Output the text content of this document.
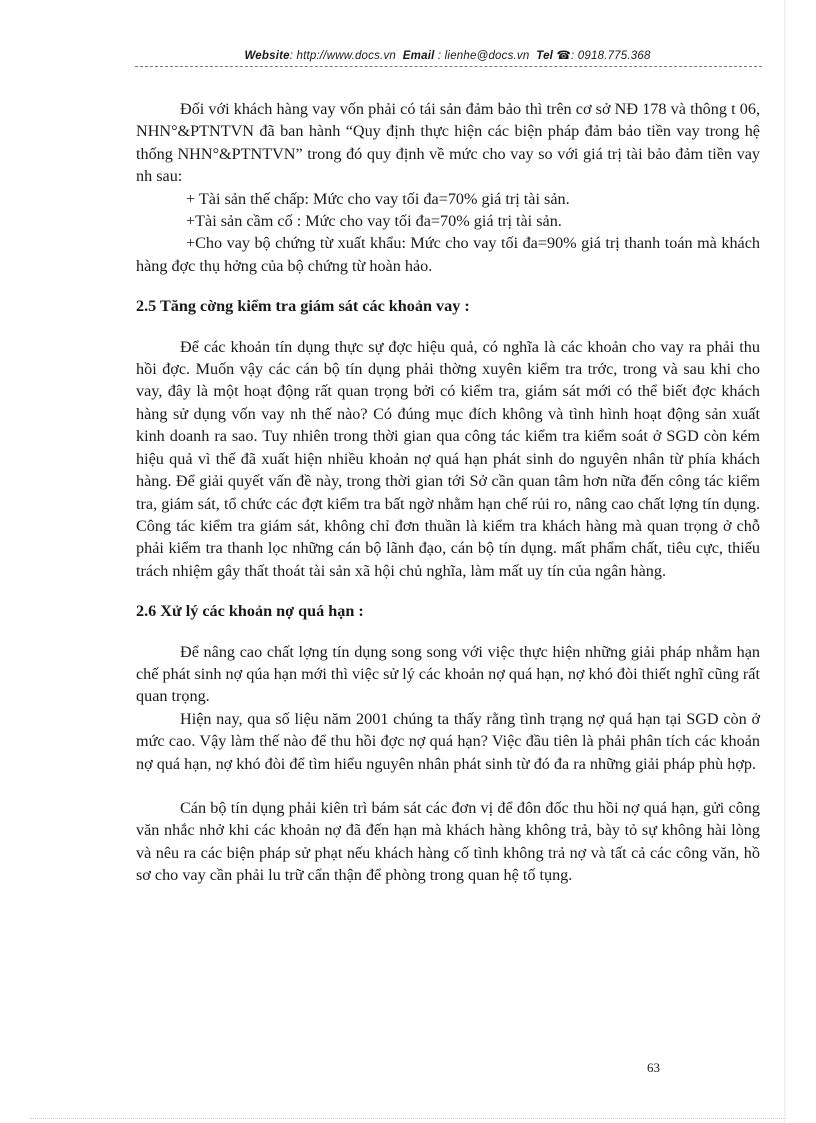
Website: http://www.docs.vn Email : lienhe@docs.vn Tel ☎: 0918.775.368

Đối với khách hàng vay vốn phải có tái sản đảm bảo thì trên cơ sở NĐ 178 và thông t 06, NHN°&PTNTVN đã ban hành “Quy định thực hiện các biện pháp đảm bảo tiền vay trong hệ thống NHN°&PTNTVN” trong đó quy định về mức cho vay so với giá trị tài bảo đảm tiền vay nh sau:

+ Tài sản thế chấp: Mức cho vay tối đa=70% giá trị tài sản.

+Tài sản cầm cố : Mức cho vay tối đa=70% giá trị tài sản.

+Cho vay bộ chứng từ xuất khẩu: Mức cho vay tối đa=90% giá trị thanh toán mà khách hàng đợc thụ hởng của bộ chứng từ hoàn hảo.

2.5 Tăng cờng kiểm tra giám sát các khoản vay :

Để các khoản tín dụng thực sự đợc hiệu quả, có nghĩa là các khoản cho vay ra phải thu hồi đợc. Muốn vậy các cán bộ tín dụng phải thờng xuyên kiểm tra trớc, trong và sau khi cho vay, đây là một hoạt động rất quan trọng bởi có kiểm tra, giám sát mới có thể biết đợc khách hàng sử dụng vốn vay nh thế nào? Có đúng mục đích không và tình hình hoạt động sản xuất kinh doanh ra sao. Tuy nhiên trong thời gian qua công tác kiểm tra kiểm soát ở SGD còn kém hiệu quả vì thế đã xuất hiện nhiều khoản nợ quá hạn phát sinh do nguyên nhân từ phía khách hàng. Để giải quyết vấn đề này, trong thời gian tới Sở cần quan tâm hơn nữa đến công tác kiểm tra, giám sát, tổ chức các đợt kiểm tra bất ngờ nhằm hạn chế rủi ro, nâng cao chất lợng tín dụng. Công tác kiểm tra giám sát, không chỉ đơn thuần là kiểm tra khách hàng mà quan trọng ở chỗ phải kiểm tra thanh lọc những cán bộ lãnh đạo, cán bộ tín dụng. mất phẩm chất, tiêu cực, thiếu trách nhiệm gây thất thoát tài sản xã hội chủ nghĩa, làm mất uy tín của ngân hàng.

2.6 Xử lý các khoản nợ quá hạn :

Để nâng cao chất lợng tín dụng song song với việc thực hiện những giải pháp nhằm hạn chế phát sinh nợ qúa hạn mới thì việc sử lý các khoản nợ quá hạn, nợ khó đòi thiết nghĩ cũng rất quan trọng.

Hiện nay, qua số liệu năm 2001 chúng ta thấy rằng tình trạng nợ quá hạn tại SGD còn ở mức cao. Vậy làm thế nào để thu hồi đợc nợ quá hạn? Việc đầu tiên là phải phân tích các khoản nợ quá hạn, nợ khó đòi để tìm hiểu nguyên nhân phát sinh từ đó đa ra những giải pháp phù hợp.

Cán bộ tín dụng phải kiên trì bám sát các đơn vị để đôn đốc thu hồi nợ quá hạn, gửi công văn nhắc nhở khi các khoản nợ đã đến hạn mà khách hàng không trả, bày tỏ sự không hài lòng và nêu ra các biện pháp sử phạt nếu khách hàng cố tình không trả nợ và tất cả các công văn, hồ sơ cho vay cần phải lu trữ cẩn thận để phòng trong quan hệ tố tụng.

63
